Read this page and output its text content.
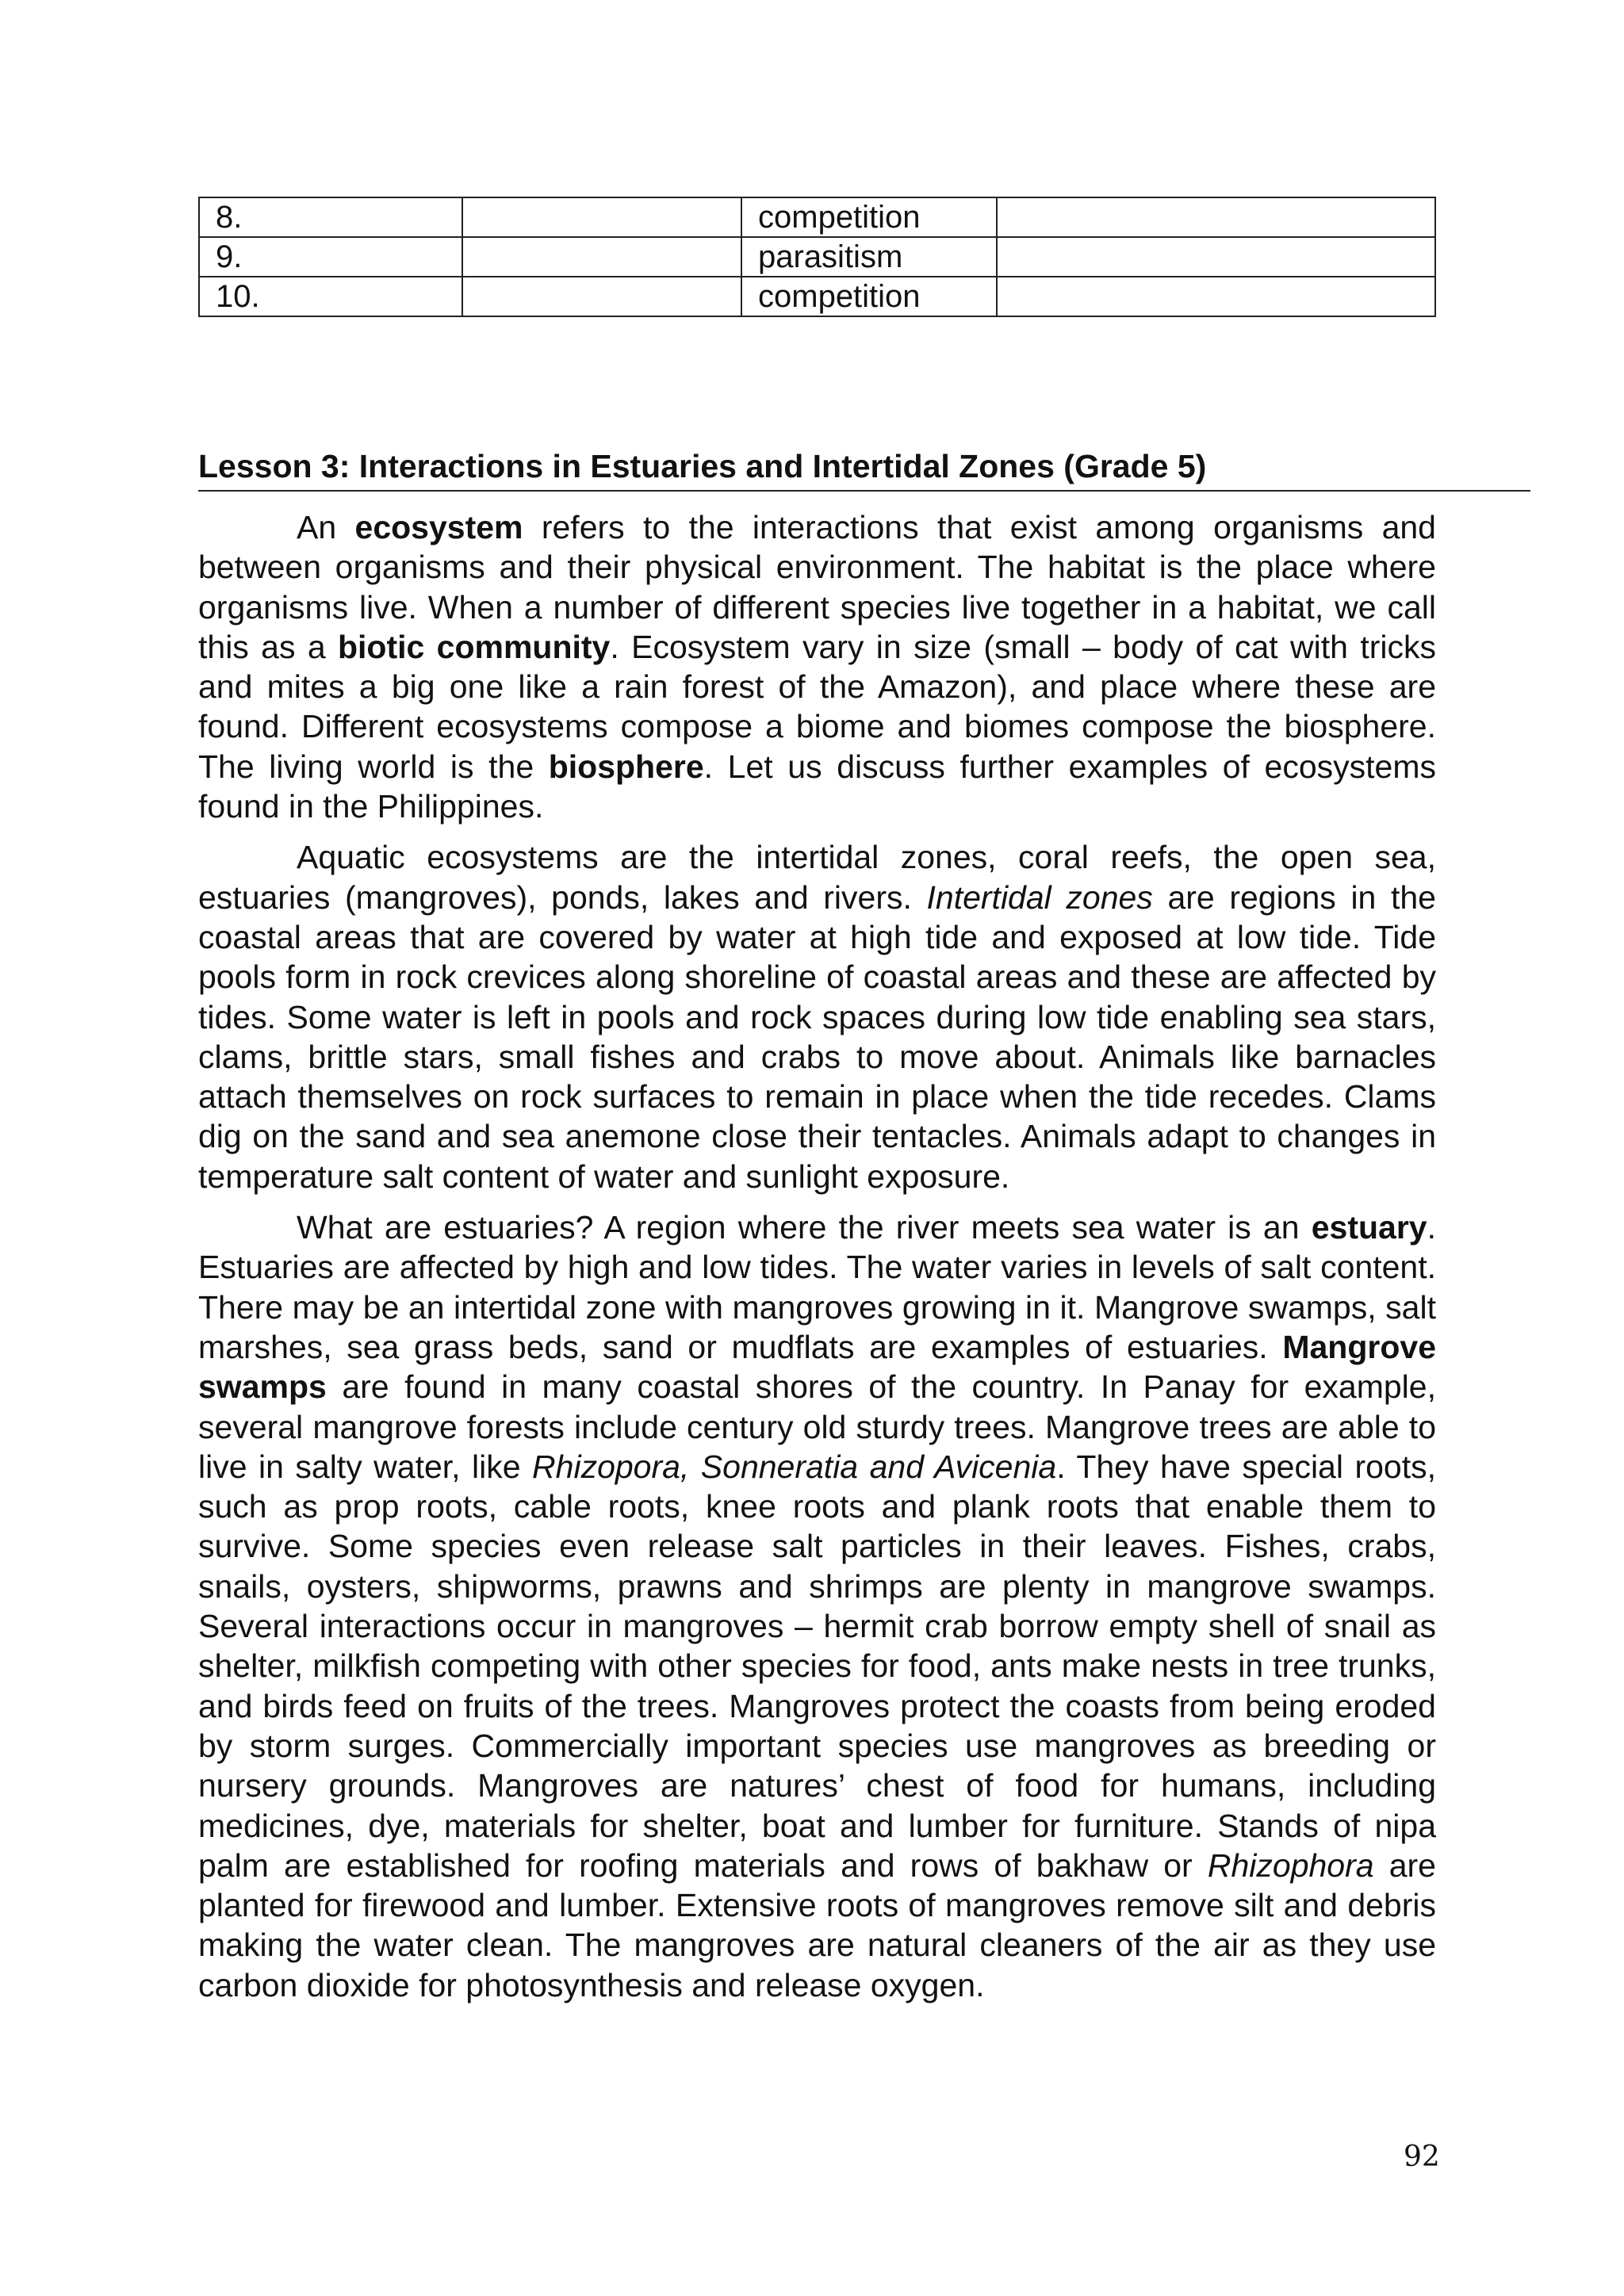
8.		competition	
9.		parasitism	
10.		competition	
Lesson 3: Interactions in Estuaries and Intertidal Zones (Grade 5)

An ecosystem refers to the interactions that exist among organisms and between organisms and their physical environment. The habitat is the place where organisms live. When a number of different species live together in a habitat, we call this as a biotic community. Ecosystem vary in size (small – body of cat with tricks and mites a big one like a rain forest of the Amazon), and place where these are found. Different ecosystems compose a biome and biomes compose the biosphere. The living world is the biosphere. Let us discuss further examples of ecosystems found in the Philippines.

Aquatic ecosystems are the intertidal zones, coral reefs, the open sea, estuaries (mangroves), ponds, lakes and rivers. Intertidal zones are regions in the coastal areas that are covered by water at high tide and exposed at low tide. Tide pools form in rock crevices along shoreline of coastal areas and these are affected by tides. Some water is left in pools and rock spaces during low tide enabling sea stars, clams, brittle stars, small fishes and crabs to move about. Animals like barnacles attach themselves on rock surfaces to remain in place when the tide recedes. Clams dig on the sand and sea anemone close their tentacles. Animals adapt to changes in temperature salt content of water and sunlight exposure.

What are estuaries? A region where the river meets sea water is an estuary. Estuaries are affected by high and low tides. The water varies in levels of salt content. There may be an intertidal zone with mangroves growing in it. Mangrove swamps, salt marshes, sea grass beds, sand or mudflats are examples of estuaries. Mangrove swamps are found in many coastal shores of the country. In Panay for example, several mangrove forests include century old sturdy trees. Mangrove trees are able to live in salty water, like Rhizopora, Sonneratia and Avicenia. They have special roots, such as prop roots, cable roots, knee roots and plank roots that enable them to survive. Some species even release salt particles in their leaves. Fishes, crabs, snails, oysters, shipworms, prawns and shrimps are plenty in mangrove swamps. Several interactions occur in mangroves – hermit crab borrow empty shell of snail as shelter, milkfish competing with other species for food, ants make nests in tree trunks, and birds feed on fruits of the trees. Mangroves protect the coasts from being eroded by storm surges. Commercially important species use mangroves as breeding or nursery grounds. Mangroves are natures’ chest of food for humans, including medicines, dye, materials for shelter, boat and lumber for furniture. Stands of nipa palm are established for roofing materials and rows of bakhaw or Rhizophora are planted for firewood and lumber. Extensive roots of mangroves remove silt and debris making the water clean. The mangroves are natural cleaners of the air as they use carbon dioxide for photosynthesis and release oxygen.

92
